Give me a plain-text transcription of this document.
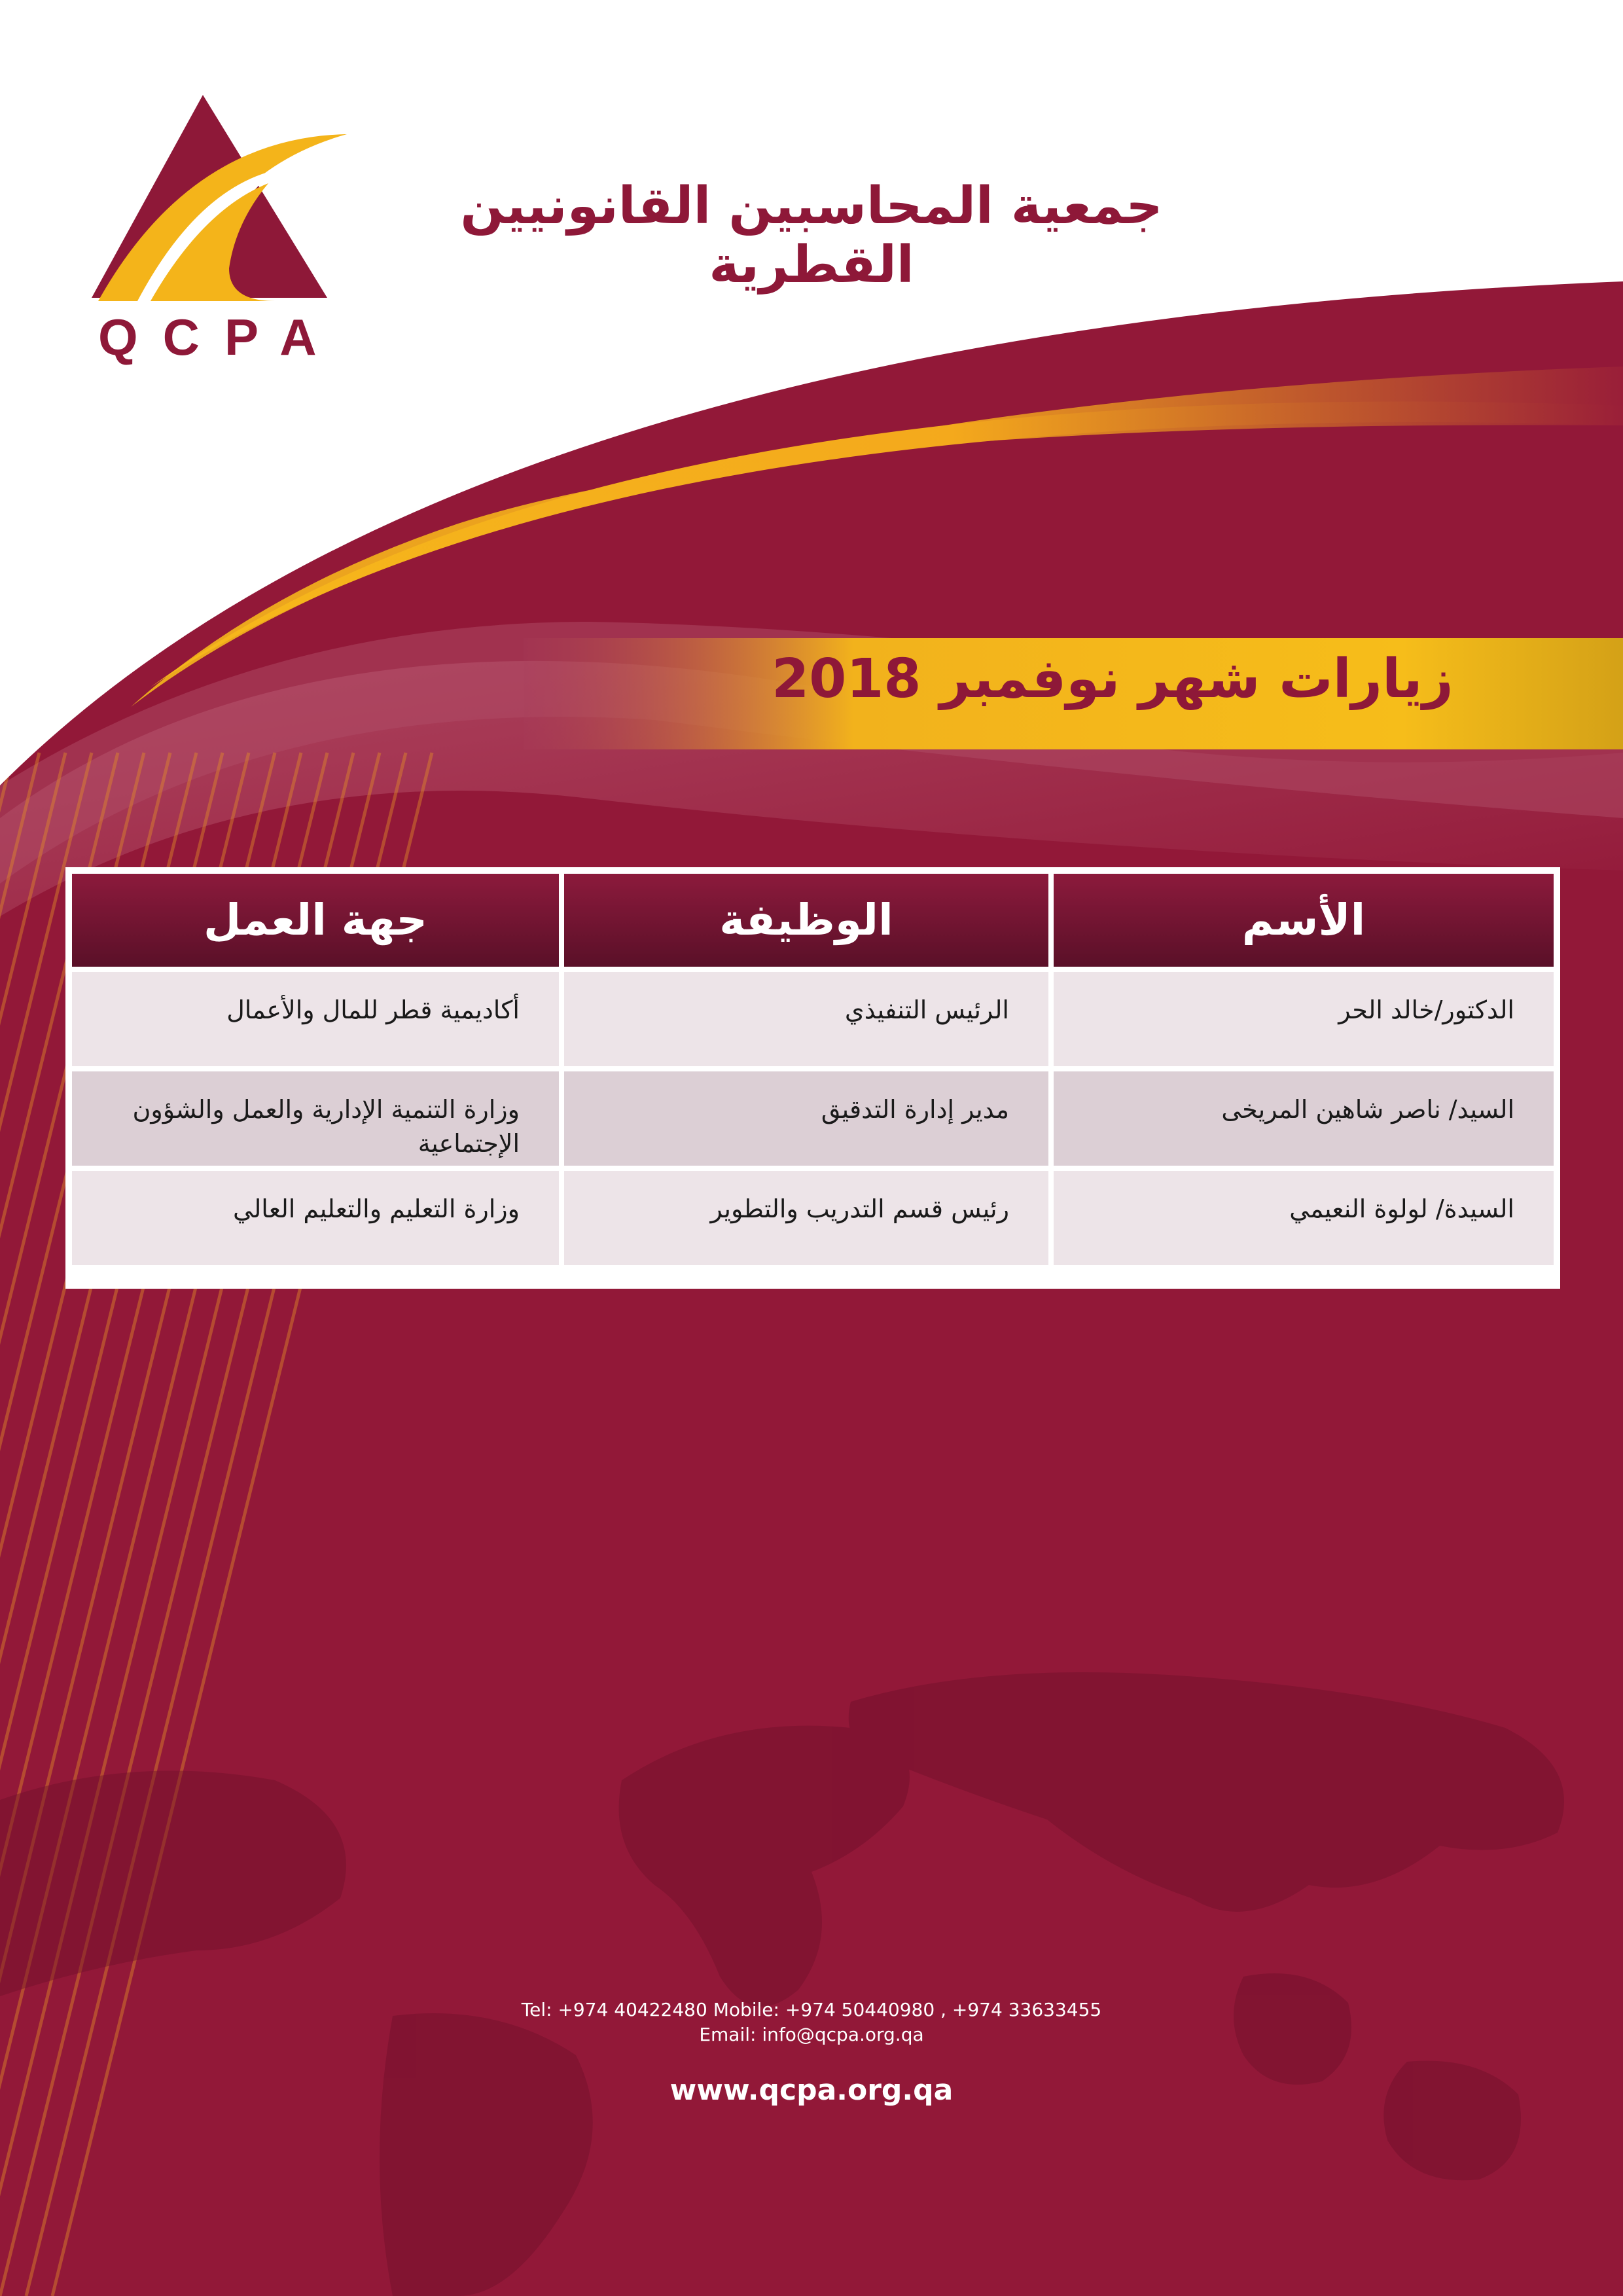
QCPA
جمعية المحاسبين القانونيين القطرية
زيارات شهر نوفمبر 2018
الأسم
الوظيفة
جهة العمل
الدكتور/خالد الحر
الرئيس التنفيذي
أكاديمية قطر للمال والأعمال
السيد/ ناصر شاهين المريخى
مدير إدارة التدقيق
وزارة التنمية الإدارية والعمل والشؤون الإجتماعية
السيدة/ لولوة النعيمي
رئيس قسم التدريب والتطوير
وزارة التعليم والتعليم العالي
Tel: +974 40422480 Mobile: +974 50440980 , +974 33633455
Email: info@qcpa.org.qa
www.qcpa.org.qa
